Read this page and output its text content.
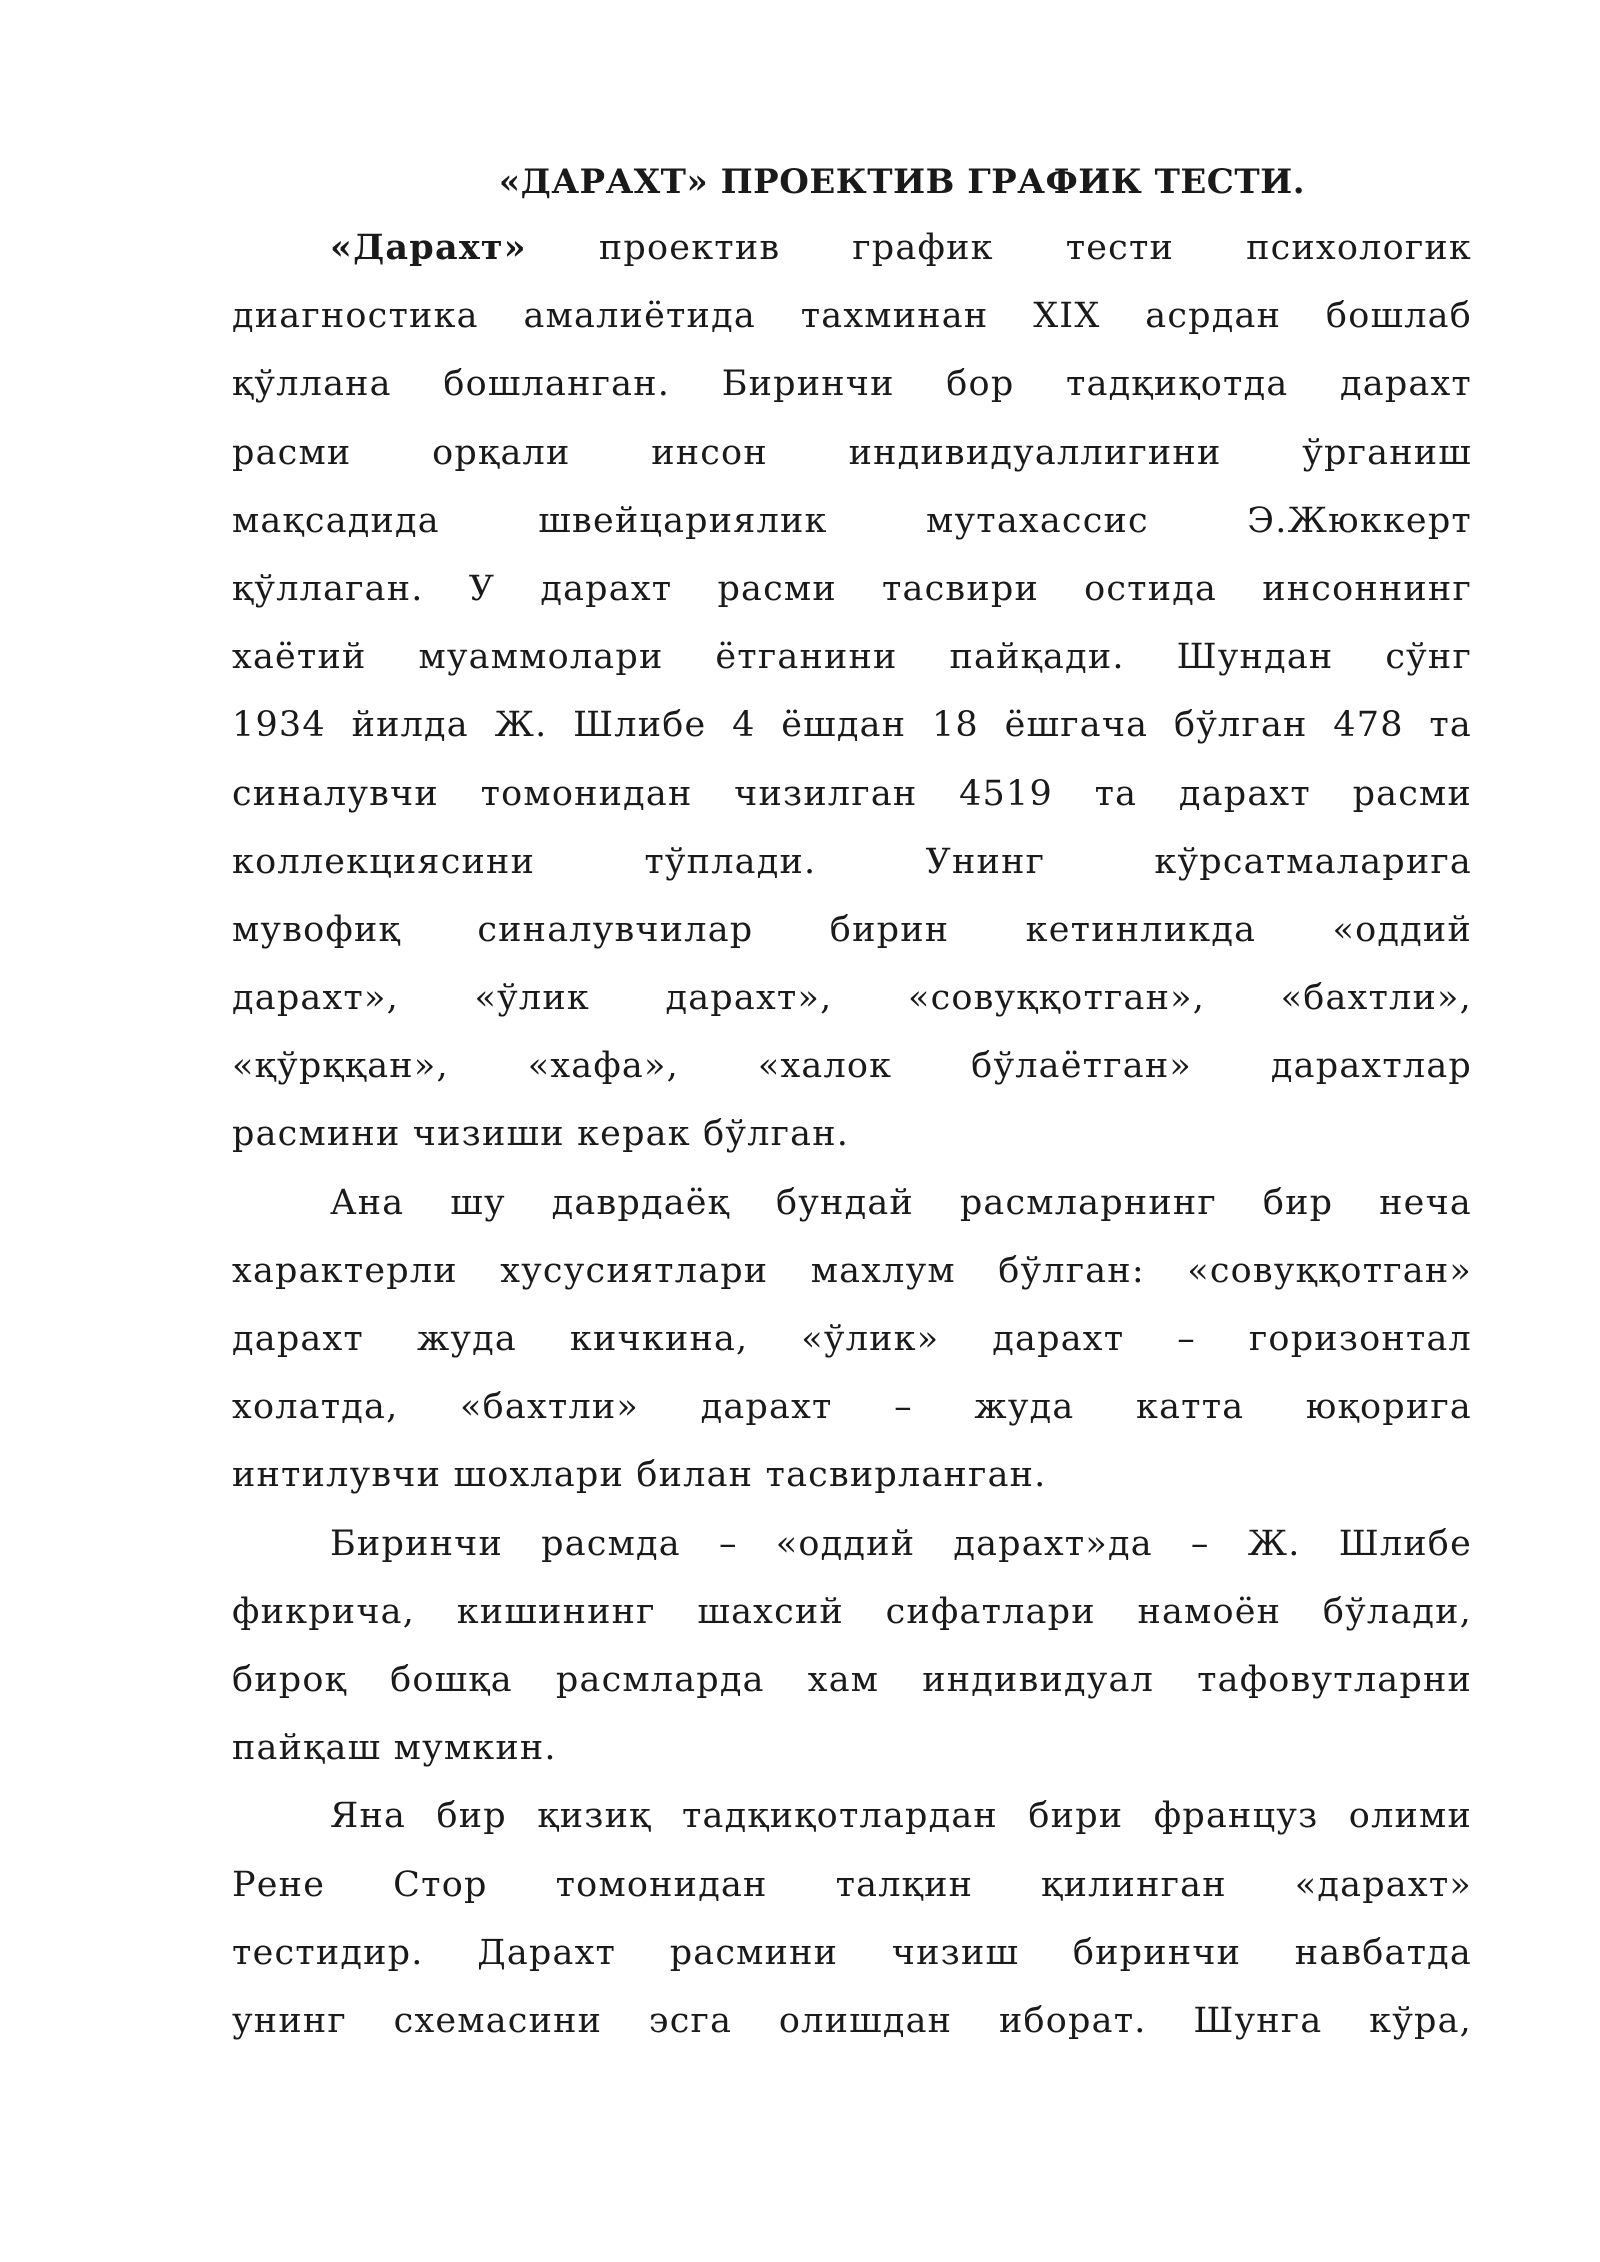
«ДАРАХТ» ПРОЕКТИВ ГРАФИК ТЕСТИ.
«Дарахт» проектив график тести психологик
диагностика амалиётида тахминан XIX асрдан бошлаб
қўллана бошланган. Биринчи бор тадқиқотда дарахт
расми орқали инсон индивидуаллигини ўрганиш
мақсадида швейцариялик мутахассис Э.Жюккерт
қўллаган. У дарахт расми тасвири остида инсоннинг
хаётий муаммолари ётганини пайқади. Шундан сўнг
1934 йилда Ж. Шлибе 4 ёшдан 18 ёшгача бўлган 478 та
синалувчи томонидан чизилган 4519 та дарахт расми
коллекциясини тўплади. Унинг кўрсатмаларига
мувофиқ синалувчилар бирин кетинликда «оддий
дарахт», «ўлик дарахт», «совуққотган», «бахтли»,
«қўрққан», «хафа», «халок бўлаётган» дарахтлар
расмини чизиши керак бўлган.
Ана шу даврдаёқ бундай расмларнинг бир неча
характерли хусусиятлари махлум бўлган: «совуққотган»
дарахт жуда кичкина, «ўлик» дарахт – горизонтал
холатда, «бахтли» дарахт – жуда катта юқорига
интилувчи шохлари билан тасвирланган.
Биринчи расмда – «оддий дарахт»да – Ж. Шлибе
фикрича, кишининг шахсий сифатлари намоён бўлади,
бироқ бошқа расмларда хам индивидуал тафовутларни
пайқаш мумкин.
Яна бир қизиқ тадқиқотлардан бири француз олими
Рене Стор томонидан талқин қилинган «дарахт»
тестидир. Дарахт расмини чизиш биринчи навбатда
унинг схемасини эсга олишдан иборат. Шунга кўра,
